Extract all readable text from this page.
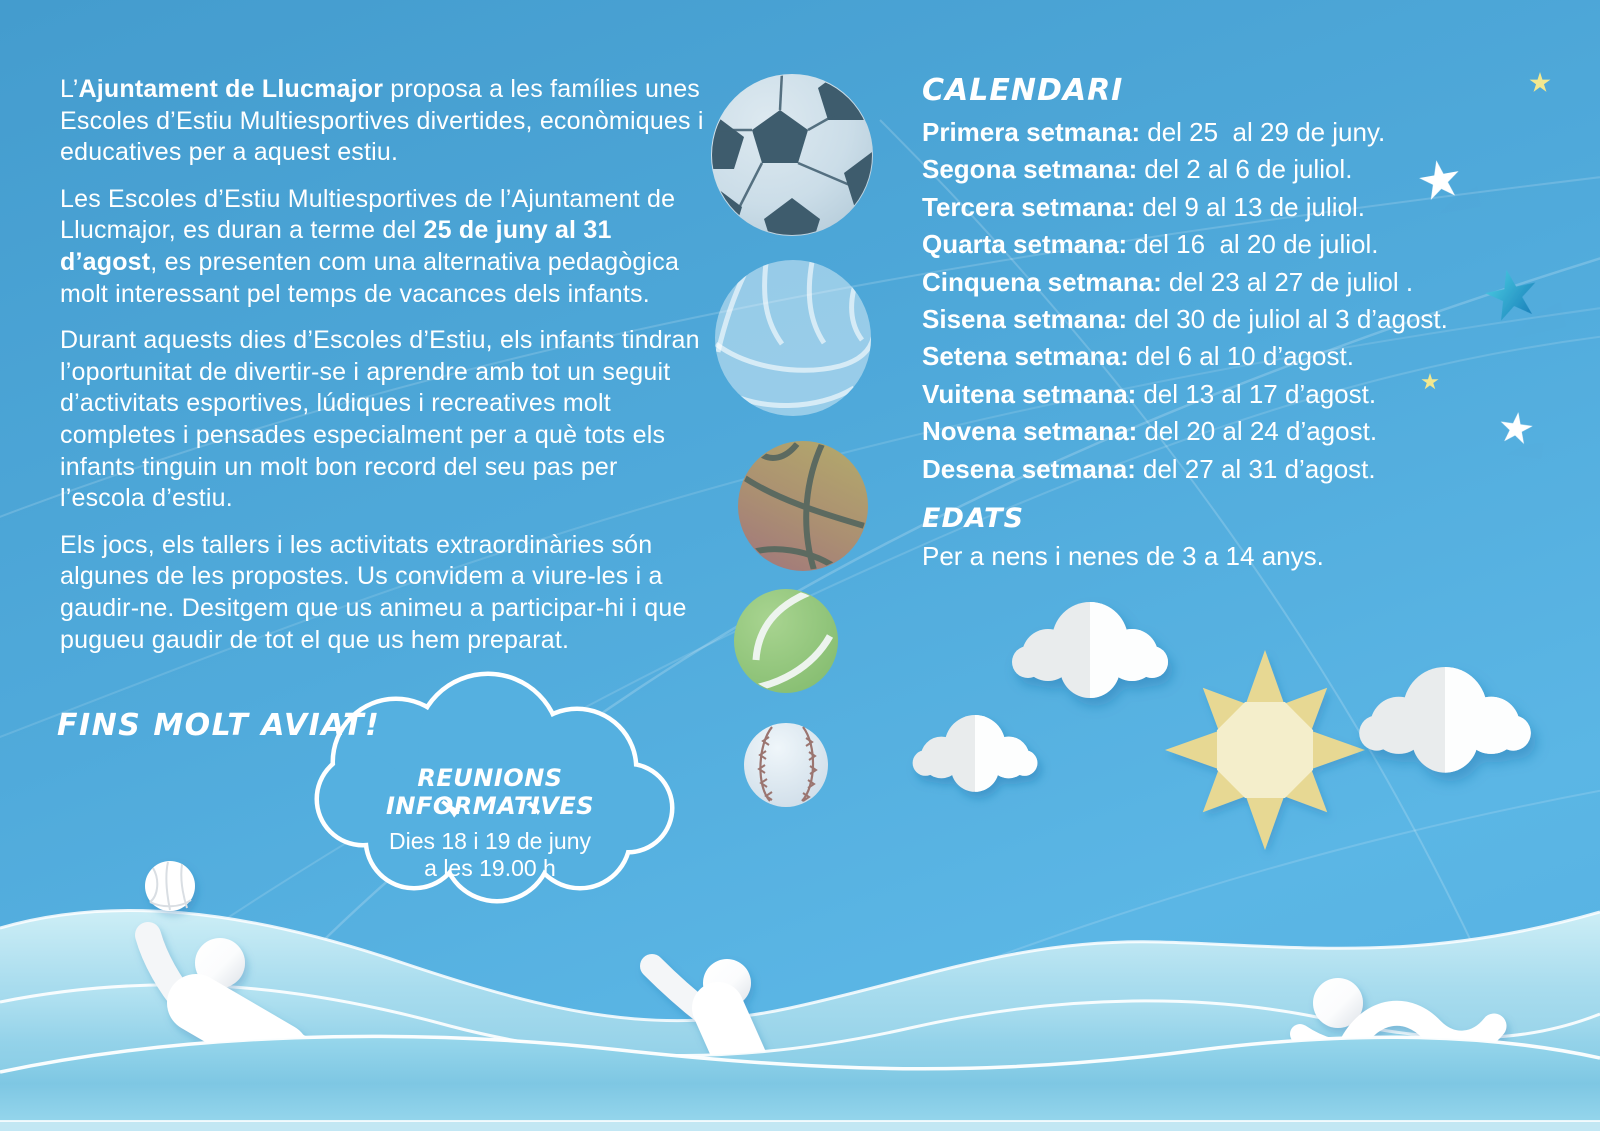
L’Ajuntament de Llucmajor proposa a les famílies unes Escoles d’Estiu Multiesportives divertides, econòmiques i educatives per a aquest estiu.

Les Escoles d’Estiu Multiesportives de l’Ajuntament de Llucmajor, es duran a terme del 25 de juny al 31 d’agost, es presenten com una alternativa pedagògica molt interessant pel temps de vacances dels infants.

Durant aquests dies d’Escoles d’Estiu, els infants tindran l’oportunitat de divertir-se i aprendre amb tot un seguit d’activitats esportives, lúdiques i recreatives molt completes i pensades especialment per a què tots els infants tinguin un molt bon record del seu pas per l’escola d’estiu.

Els jocs, els tallers i les activitats extraordinàries són algunes de les propostes. Us convidem a viure-les i a gaudir-ne. Desitgem que us animeu a participar-hi i que pugueu gaudir de tot el que us hem preparat.

FINS MOLT AVIAT!
REUNIONS INFORMATIVES
Dies 18 i 19 de juny
a les 19.00 h
CALENDARI
Primera setmana: del 25  al 29 de juny.
Segona setmana: del 2 al 6 de juliol.
Tercera setmana: del 9 al 13 de juliol.
Quarta setmana: del 16  al 20 de juliol.
Cinquena setmana: del 23 al 27 de juliol .
Sisena setmana: del 30 de juliol al 3 d’agost.
Setena setmana: del 6 al 10 d’agost.
Vuitena setmana: del 13 al 17 d’agost.
Novena setmana: del 20 al 24 d’agost.
Desena setmana: del 27 al 31 d’agost.
EDATS
Per a nens i nenes de 3 a 14 anys.
